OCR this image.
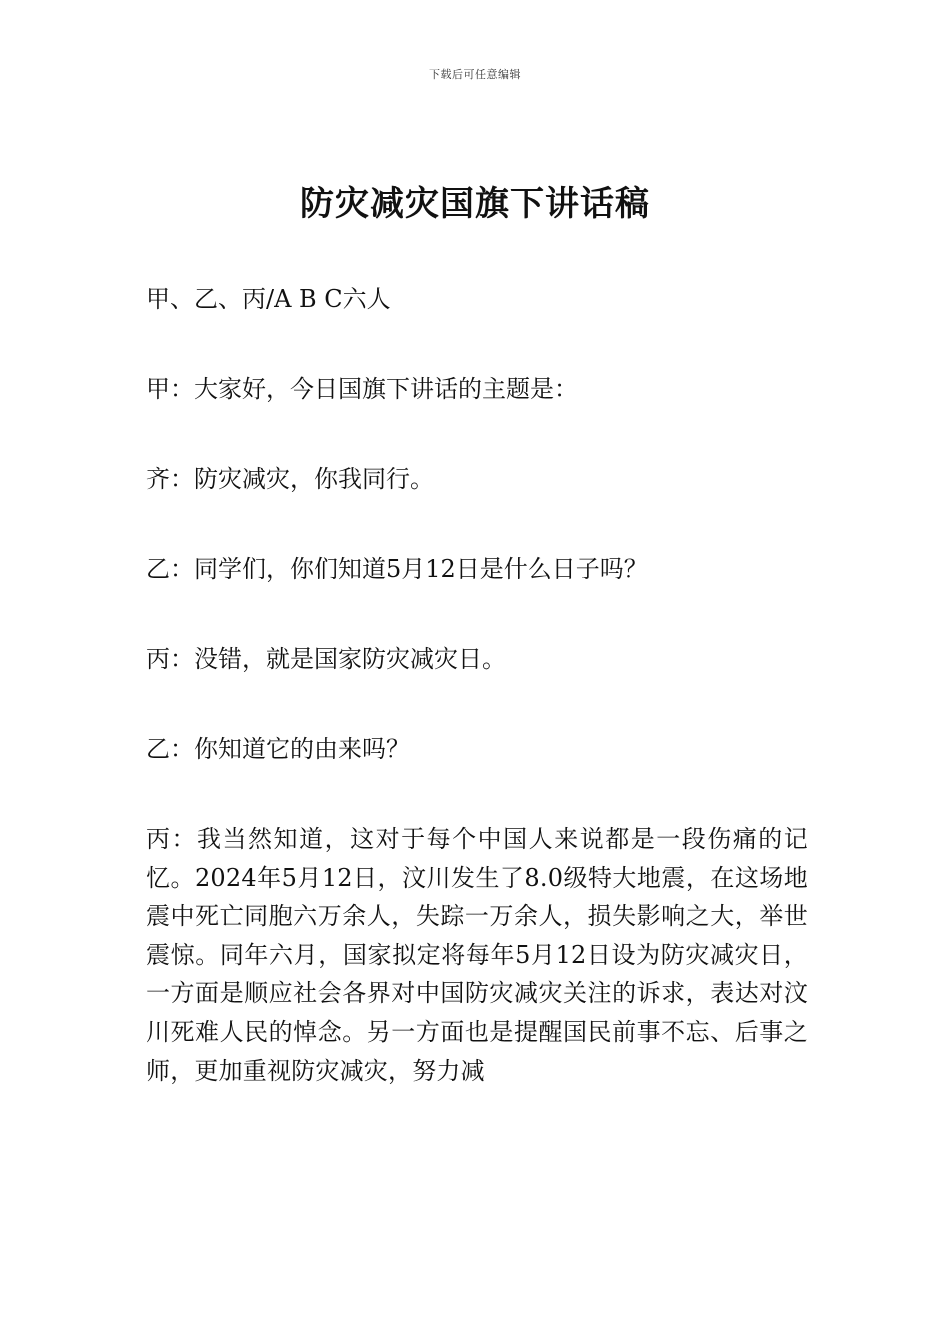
下载后可任意编辑
防灾减灾国旗下讲话稿

甲、乙、丙/A B C六人

甲：大家好，今日国旗下讲话的主题是：

齐：防灾减灾，你我同行。

乙：同学们，你们知道5月12日是什么日子吗？

丙：没错，就是国家防灾减灾日。

乙：你知道它的由来吗？

丙：我当然知道，这对于每个中国人来说都是一段伤痛的记忆。2024年5月12日，汶川发生了8.0级特大地震，在这场地震中死亡同胞六万余人，失踪一万余人，损失影响之大，举世震惊。同年六月，国家拟定将每年5月12日设为防灾减灾日，一方面是顺应社会各界对中国防灾减灾关注的诉求，表达对汶川死难人民的悼念。另一方面也是提醒国民前事不忘、后事之师，更加重视防灾减灾，努力减
